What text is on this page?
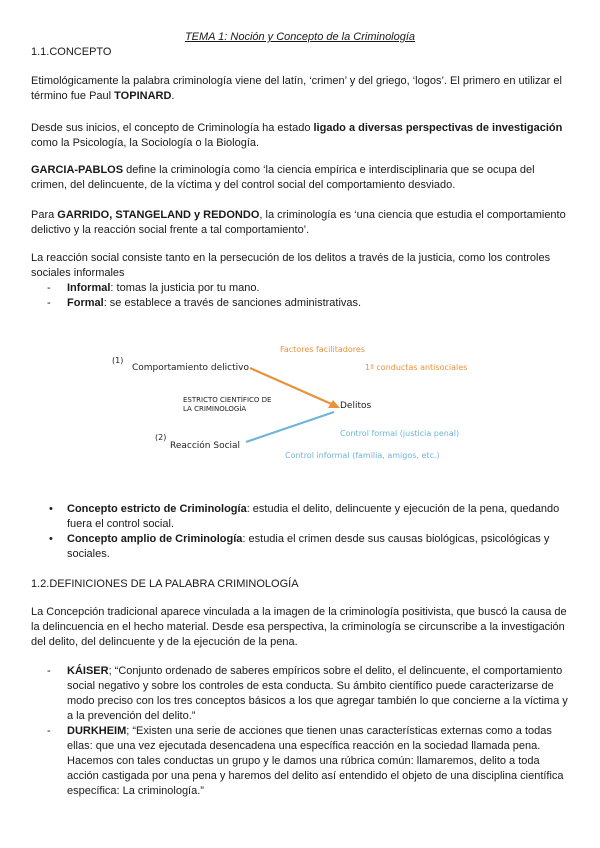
TEMA 1: Noción y Concepto de la Criminología

1.1.CONCEPTO

Etimológicamente la palabra criminología viene del latín, ‘crimen’ y del griego, ‘logos’. El primero en utilizar el término fue Paul TOPINARD.

Desde sus inicios, el concepto de Criminología ha estado ligado a diversas perspectivas de investigación como la Psicología, la Sociología o la Biología.

GARCIA-PABLOS define la criminología como ‘la ciencia empírica e interdisciplinaria que se ocupa del crimen, del delincuente, de la víctima y del control social del comportamiento desviado.

Para GARRIDO, STANGELAND y REDONDO, la criminología es ‘una ciencia que estudia el comportamiento delictivo y la reacción social frente a tal comportamiento’.

La reacción social consiste tanto en la persecución de los delitos a través de la justicia, como los controles sociales informales

- Informal: tomas la justicia por tu mano.
- Formal: se establece a través de sanciones administrativas.
(1)
Comportamiento delictivo
Factores facilitadores
1ª conductas antisociales
ESTRICTO CIENTÍFICO DE
LA CRIMINOLOGÍA	Delitos
(2)
Reacción Social
Control formal (justicia penal)
Control informal (familia, amigos, etc.)
• Concepto estricto de Criminología: estudia el delito, delincuente y ejecución de la pena, quedando fuera el control social.
• Concepto amplio de Criminología: estudia el crimen desde sus causas biológicas, psicológicas y sociales.

1.2.DEFINICIONES DE LA PALABRA CRIMINOLOGÍA

La Concepción tradicional aparece vinculada a la imagen de la criminología positivista, que buscó la causa de la delincuencia en el hecho material. Desde esa perspectiva, la criminología se circunscribe a la investigación del delito, del delincuente y de la ejecución de la pena.

- KÁISER; “Conjunto ordenado de saberes empíricos sobre el delito, el delincuente, el comportamiento social negativo y sobre los controles de esta conducta. Su ámbito científico puede caracterizarse de modo preciso con los tres conceptos básicos a los que agregar también lo que concierne a la víctima y a la prevención del delito.”
- DURKHEIM; “Existen una serie de acciones que tienen unas características externas como a todas ellas: que una vez ejecutada desencadena una específica reacción en la sociedad llamada pena. Hacemos con tales conductas un grupo y le damos una rúbrica común: llamaremos, delito a toda acción castigada por una pena y haremos del delito así entendido el objeto de una disciplina científica específica: La criminología.”
